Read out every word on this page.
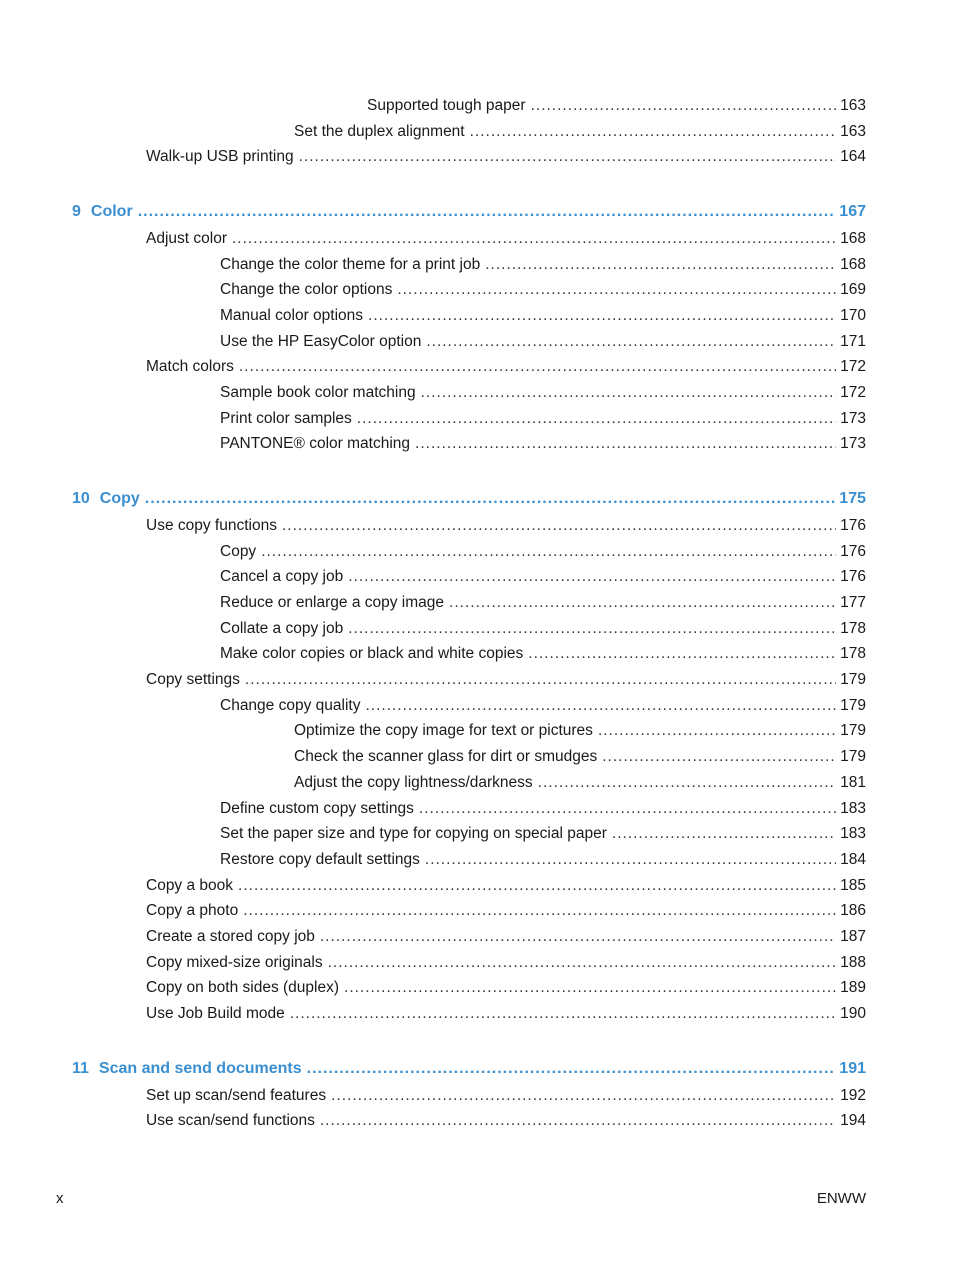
Supported tough paper .....	163
Set the duplex alignment .....	163
Walk-up USB printing .....	164
9 Color .....	167
Adjust color .....	168
Change the color theme for a print job .....	168
Change the color options .....	169
Manual color options .....	170
Use the HP EasyColor option .....	171
Match colors .....	172
Sample book color matching .....	172
Print color samples .....	173
PANTONE® color matching .....	173
10 Copy .....	175
Use copy functions .....	176
Copy .....	176
Cancel a copy job .....	176
Reduce or enlarge a copy image .....	177
Collate a copy job .....	178
Make color copies or black and white copies .....	178
Copy settings .....	179
Change copy quality .....	179
Optimize the copy image for text or pictures .....	179
Check the scanner glass for dirt or smudges .....	179
Adjust the copy lightness/darkness .....	181
Define custom copy settings .....	183
Set the paper size and type for copying on special paper .....	183
Restore copy default settings .....	184
Copy a book .....	185
Copy a photo .....	186
Create a stored copy job .....	187
Copy mixed-size originals .....	188
Copy on both sides (duplex) .....	189
Use Job Build mode .....	190
11 Scan and send documents .....	191
Set up scan/send features .....	192
Use scan/send functions .....	194
x	ENWW
